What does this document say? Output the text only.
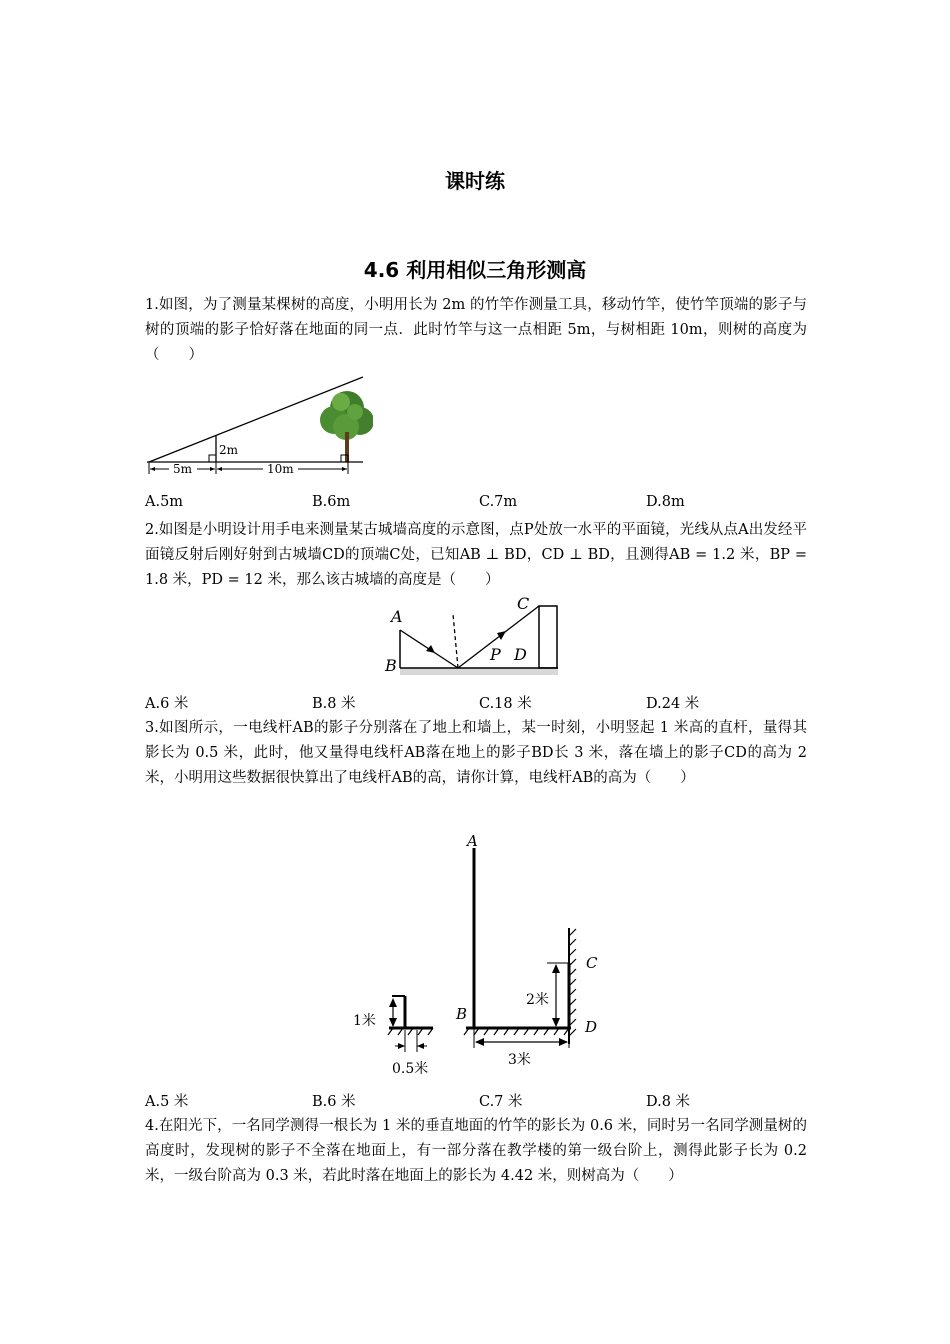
课时练
4.6 利用相似三角形测高

1.如图，为了测量某棵树的高度，小明用长为 2m 的竹竿作测量工具，移动竹竿，使竹竿顶端的影子与树的顶端的影子恰好落在地面的同一点．此时竹竿与这一点相距 5m，与树相距 10m，则树的高度为（　　）

2m
5m	10m
A.5m	B.6m	C.7m	D.8m

2.如图是小明设计用手电来测量某古城墙高度的示意图，点P处放一水平的平面镜，光线从点A出发经平面镜反射后刚好射到古城墙CD的顶端C处，已知AB ⊥ BD，CD ⊥ BD，且测得AB = 1.2 米，BP = 1.8 米，PD = 12 米，那么该古城墙的高度是（　　）

A
B
C
D
P
A.6 米	B.8 米	C.18 米	D.24 米

3.如图所示，一电线杆AB的影子分别落在了地上和墙上，某一时刻，小明竖起 1 米高的直杆，量得其影长为 0.5 米，此时，他又量得电线杆AB落在地上的影子BD长 3 米，落在墙上的影子CD的高为 2 米，小明用这些数据很快算出了电线杆AB的高，请你计算，电线杆AB的高为（　　）

A
B
C
D
2米
3米
1米
0.5米
A.5 米	B.6 米	C.7 米	D.8 米

4.在阳光下，一名同学测得一根长为 1 米的垂直地面的竹竿的影长为 0.6 米，同时另一名同学测量树的高度时，发现树的影子不全落在地面上，有一部分落在教学楼的第一级台阶上，测得此影子长为 0.2 米，一级台阶高为 0.3 米，若此时落在地面上的影长为 4.42 米，则树高为（　　）
